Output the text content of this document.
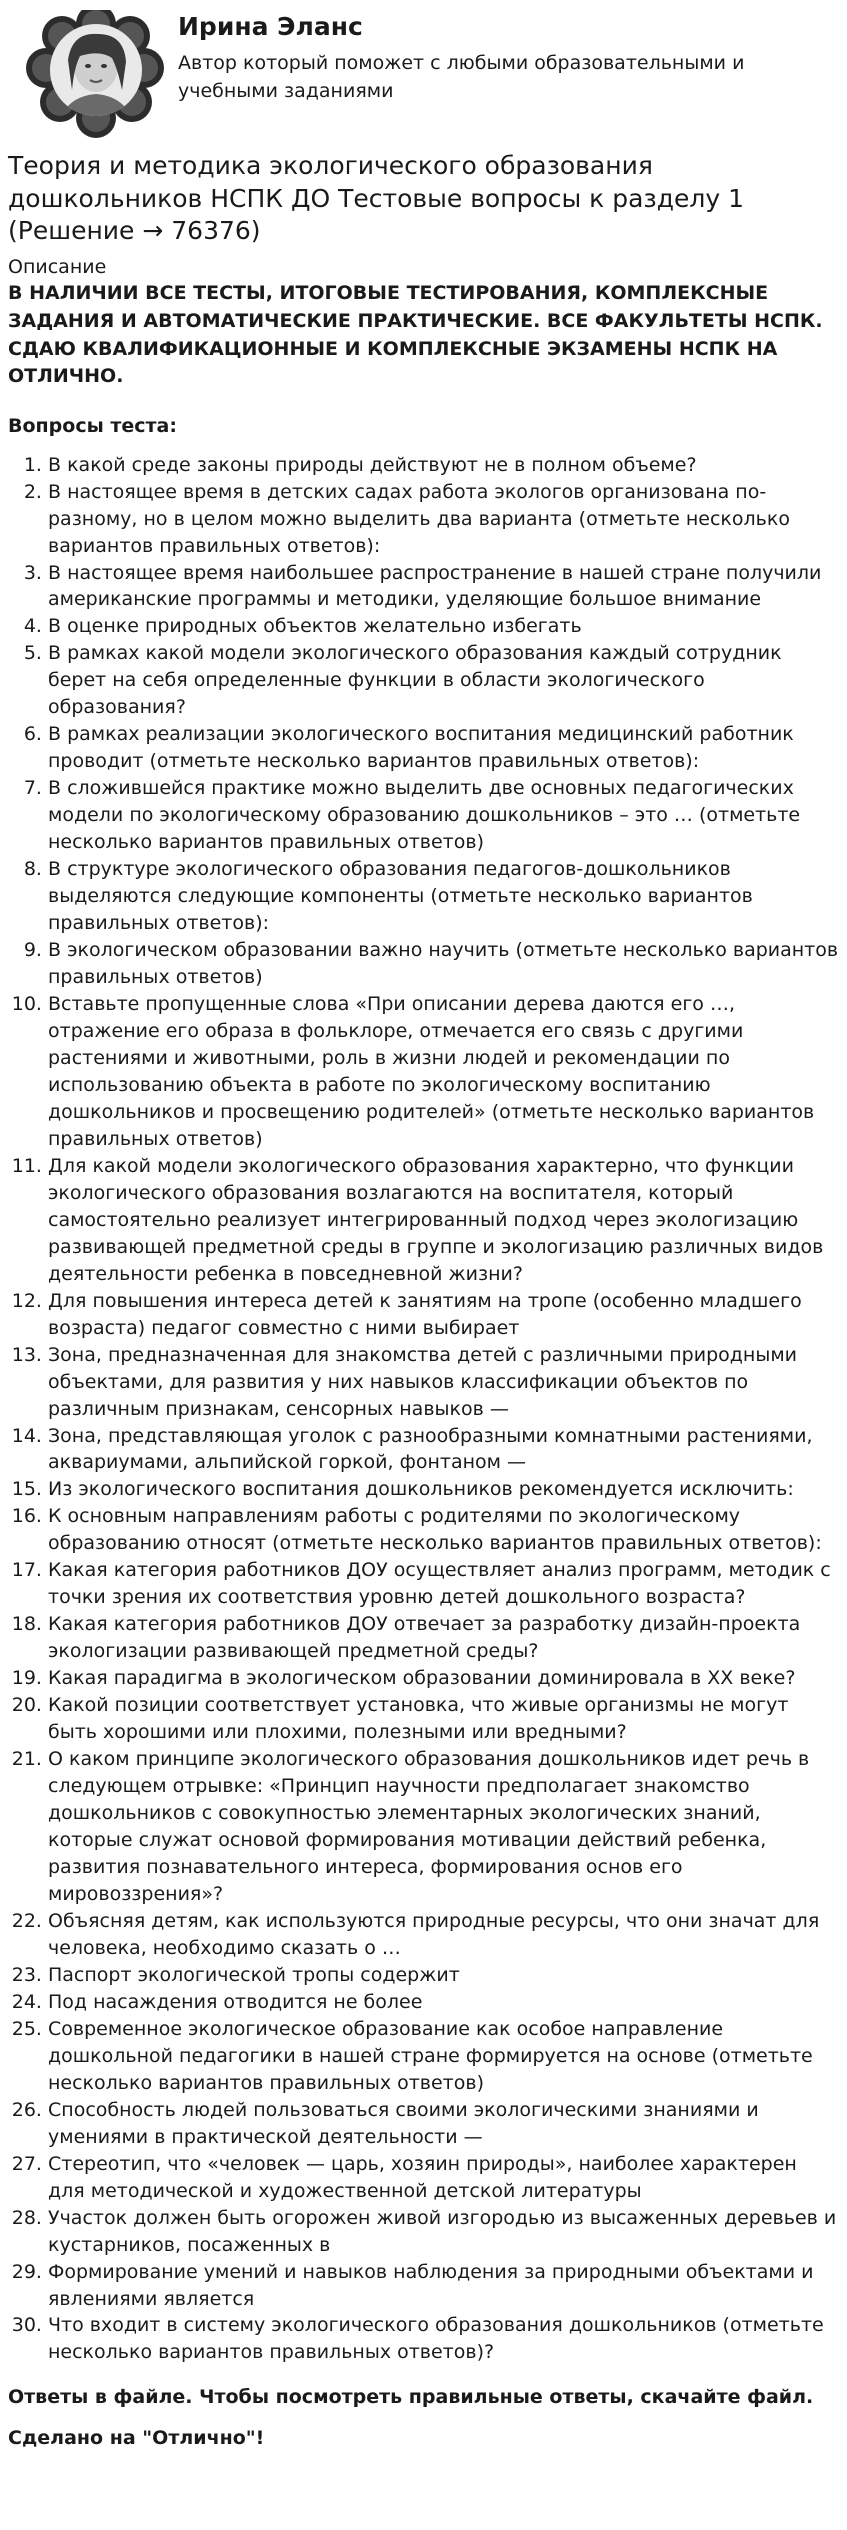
Ирина Эланс
Автор который поможет с любыми образовательными и учебными заданиями
Теория и методика экологического образования дошкольников НСПК ДО Тестовые вопросы к разделу 1 (Решение → 76376)
Описание
В НАЛИЧИИ ВСЕ ТЕСТЫ, ИТОГОВЫЕ ТЕСТИРОВАНИЯ, КОМПЛЕКСНЫЕ ЗАДАНИЯ И АВТОМАТИЧЕСКИЕ ПРАКТИЧЕСКИЕ. ВСЕ ФАКУЛЬТЕТЫ НСПК. СДАЮ КВАЛИФИКАЦИОННЫЕ И КОМПЛЕКСНЫЕ ЭКЗАМЕНЫ НСПК НА ОТЛИЧНО.
Вопросы теста:
1. В какой среде законы природы действуют не в полном объеме?
2. В настоящее время в детских садах работа экологов организована по-разному, но в целом можно выделить два варианта (отметьте несколько вариантов правильных ответов):
3. В настоящее время наибольшее распространение в нашей стране получили американские программы и методики, уделяющие большое внимание
4. В оценке природных объектов желательно избегать
5. В рамках какой модели экологического образования каждый сотрудник берет на себя определенные функции в области экологического образования?
6. В рамках реализации экологического воспитания медицинский работник проводит (отметьте несколько вариантов правильных ответов):
7. В сложившейся практике можно выделить две основных педагогических модели по экологическому образованию дошкольников – это … (отметьте несколько вариантов правильных ответов)
8. В структуре экологического образования педагогов-дошкольников выделяются следующие компоненты (отметьте несколько вариантов правильных ответов):
9. В экологическом образовании важно научить (отметьте несколько вариантов правильных ответов)
10. Вставьте пропущенные слова «При описании дерева даются его …, отражение его образа в фольклоре, отмечается его связь с другими растениями и животными, роль в жизни людей и рекомендации по использованию объекта в работе по экологическому воспитанию дошкольников и просвещению родителей» (отметьте несколько вариантов правильных ответов)
11. Для какой модели экологического образования характерно, что функции экологического образования возлагаются на воспитателя, который самостоятельно реализует интегрированный подход через экологизацию развивающей предметной среды в группе и экологизацию различных видов деятельности ребенка в повседневной жизни?
12. Для повышения интереса детей к занятиям на тропе (особенно младшего возраста) педагог совместно с ними выбирает
13. Зона, предназначенная для знакомства детей с различными природными объектами, для развития у них навыков классификации объектов по различным признакам, сенсорных навыков —
14. Зона, представляющая уголок с разнообразными комнатными растениями, аквариумами, альпийской горкой, фонтаном —
15. Из экологического воспитания дошкольников рекомендуется исключить:
16. К основным направлениям работы с родителями по экологическому образованию относят (отметьте несколько вариантов правильных ответов):
17. Какая категория работников ДОУ осуществляет анализ программ, методик с точки зрения их соответствия уровню детей дошкольного возраста?
18. Какая категория работников ДОУ отвечает за разработку дизайн-проекта экологизации развивающей предметной среды?
19. Какая парадигма в экологическом образовании доминировала в XX веке?
20. Какой позиции соответствует установка, что живые организмы не могут быть хорошими или плохими, полезными или вредными?
21. О каком принципе экологического образования дошкольников идет речь в следующем отрывке: «Принцип научности предполагает знакомство дошкольников с совокупностью элементарных экологических знаний, которые служат основой формирования мотивации действий ребенка, развития познавательного интереса, формирования основ его мировоззрения»?
22. Объясняя детям, как используются природные ресурсы, что они значат для человека, необходимо сказать о …
23. Паспорт экологической тропы содержит
24. Под насаждения отводится не более
25. Современное экологическое образование как особое направление дошкольной педагогики в нашей стране формируется на основе (отметьте несколько вариантов правильных ответов)
26. Способность людей пользоваться своими экологическими знаниями и умениями в практической деятельности —
27. Стереотип, что «человек — царь, хозяин природы», наиболее характерен для методической и художественной детской литературы
28. Участок должен быть огорожен живой изгородью из высаженных деревьев и кустарников, посаженных в
29. Формирование умений и навыков наблюдения за природными объектами и явлениями является
30. Что входит в систему экологического образования дошкольников (отметьте несколько вариантов правильных ответов)?
Ответы в файле. Чтобы посмотреть правильные ответы, скачайте файл.
Сделано на "Отлично"!
